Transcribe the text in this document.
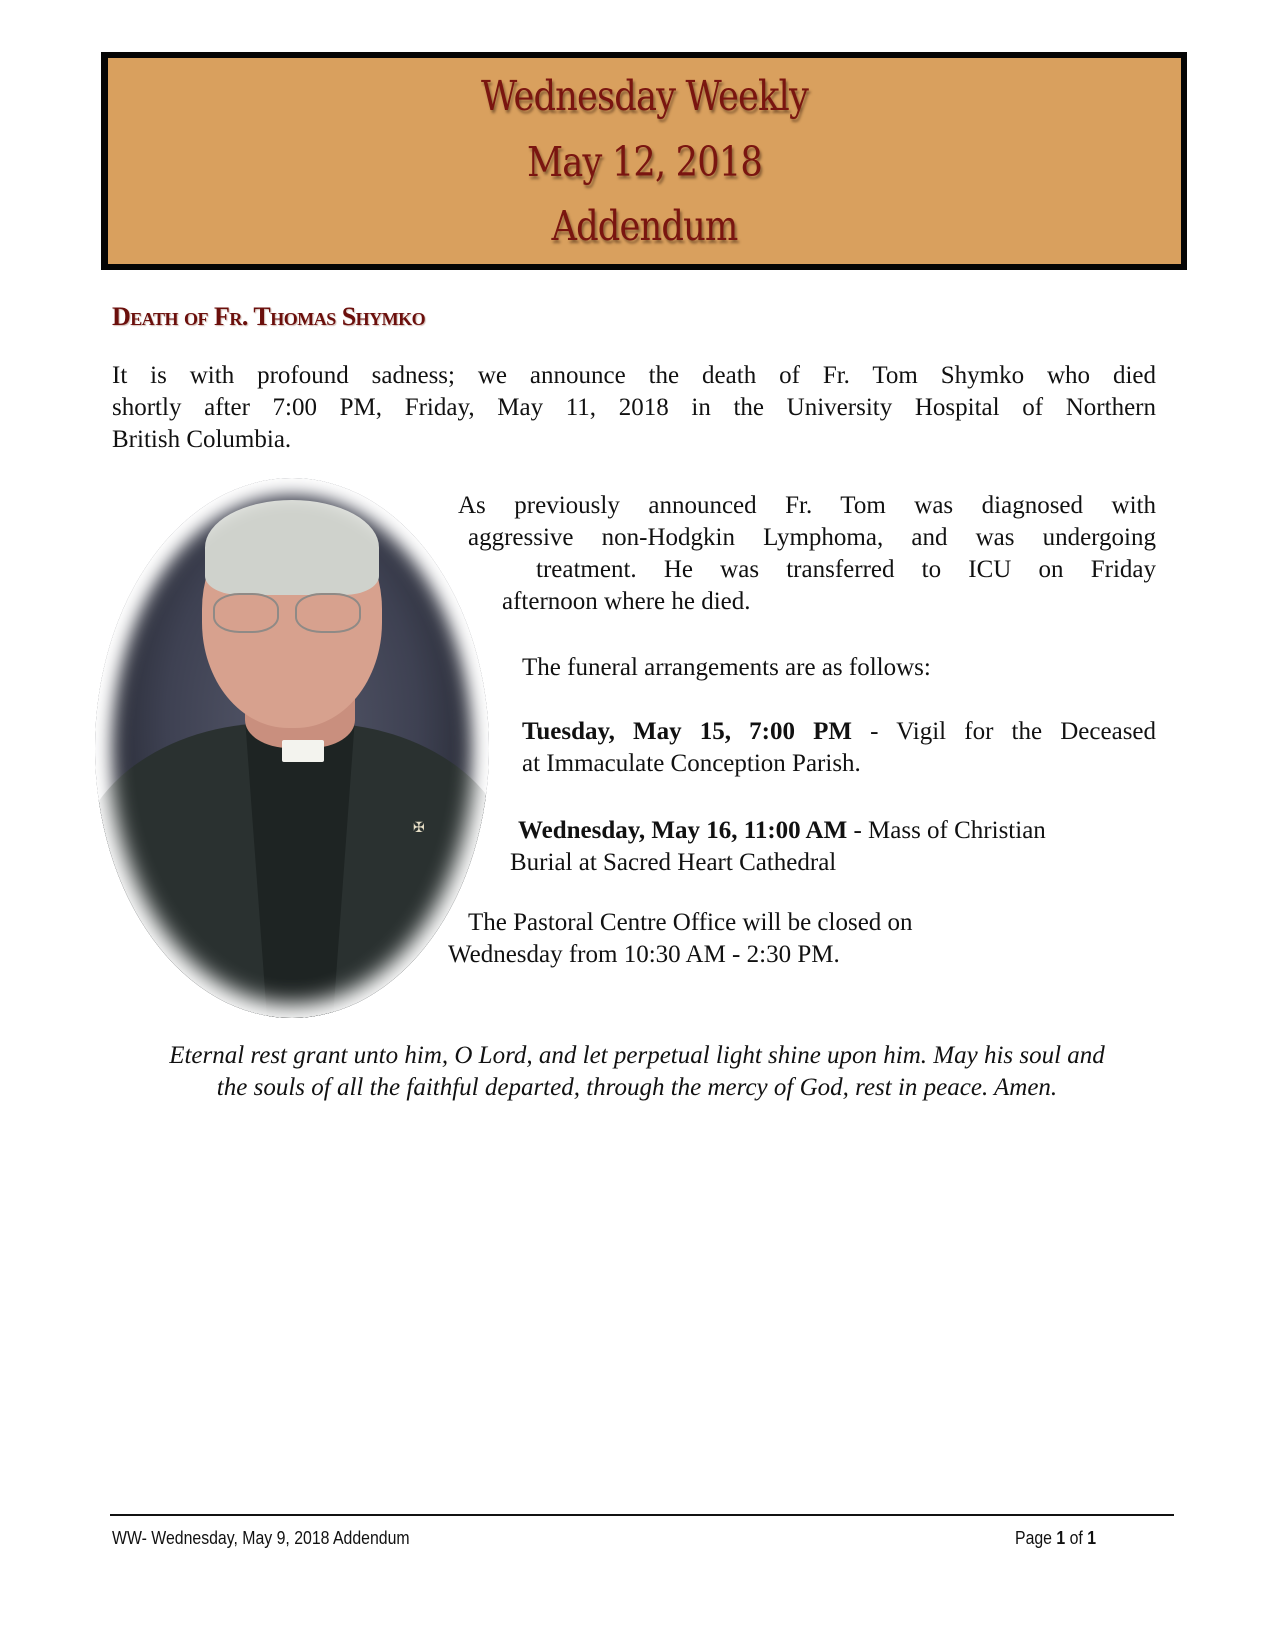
Wednesday Weekly
May 12, 2018
Addendum
Death of Fr. Thomas Shymko
It is with profound sadness; we announce the death of Fr. Tom Shymko who died
shortly after 7:00 PM, Friday, May 11, 2018 in the University Hospital of Northern
British Columbia.
✠
As previously announced Fr. Tom was diagnosed with
aggressive non-Hodgkin Lymphoma, and was undergoing
treatment. He was transferred to ICU on Friday
afternoon where he died.
The funeral arrangements are as follows:
Tuesday, May 15, 7:00 PM - Vigil for the Deceased
at Immaculate Conception Parish.
Wednesday, May 16, 11:00 AM - Mass of Christian
Burial at Sacred Heart Cathedral
The Pastoral Centre Office will be closed on
Wednesday from 10:30 AM - 2:30 PM.
Eternal rest grant unto him, O Lord, and let perpetual light shine upon him. May his soul and
the souls of all the faithful departed, through the mercy of God, rest in peace. Amen.
WW- Wednesday, May 9, 2018 Addendum	Page 1 of 1
